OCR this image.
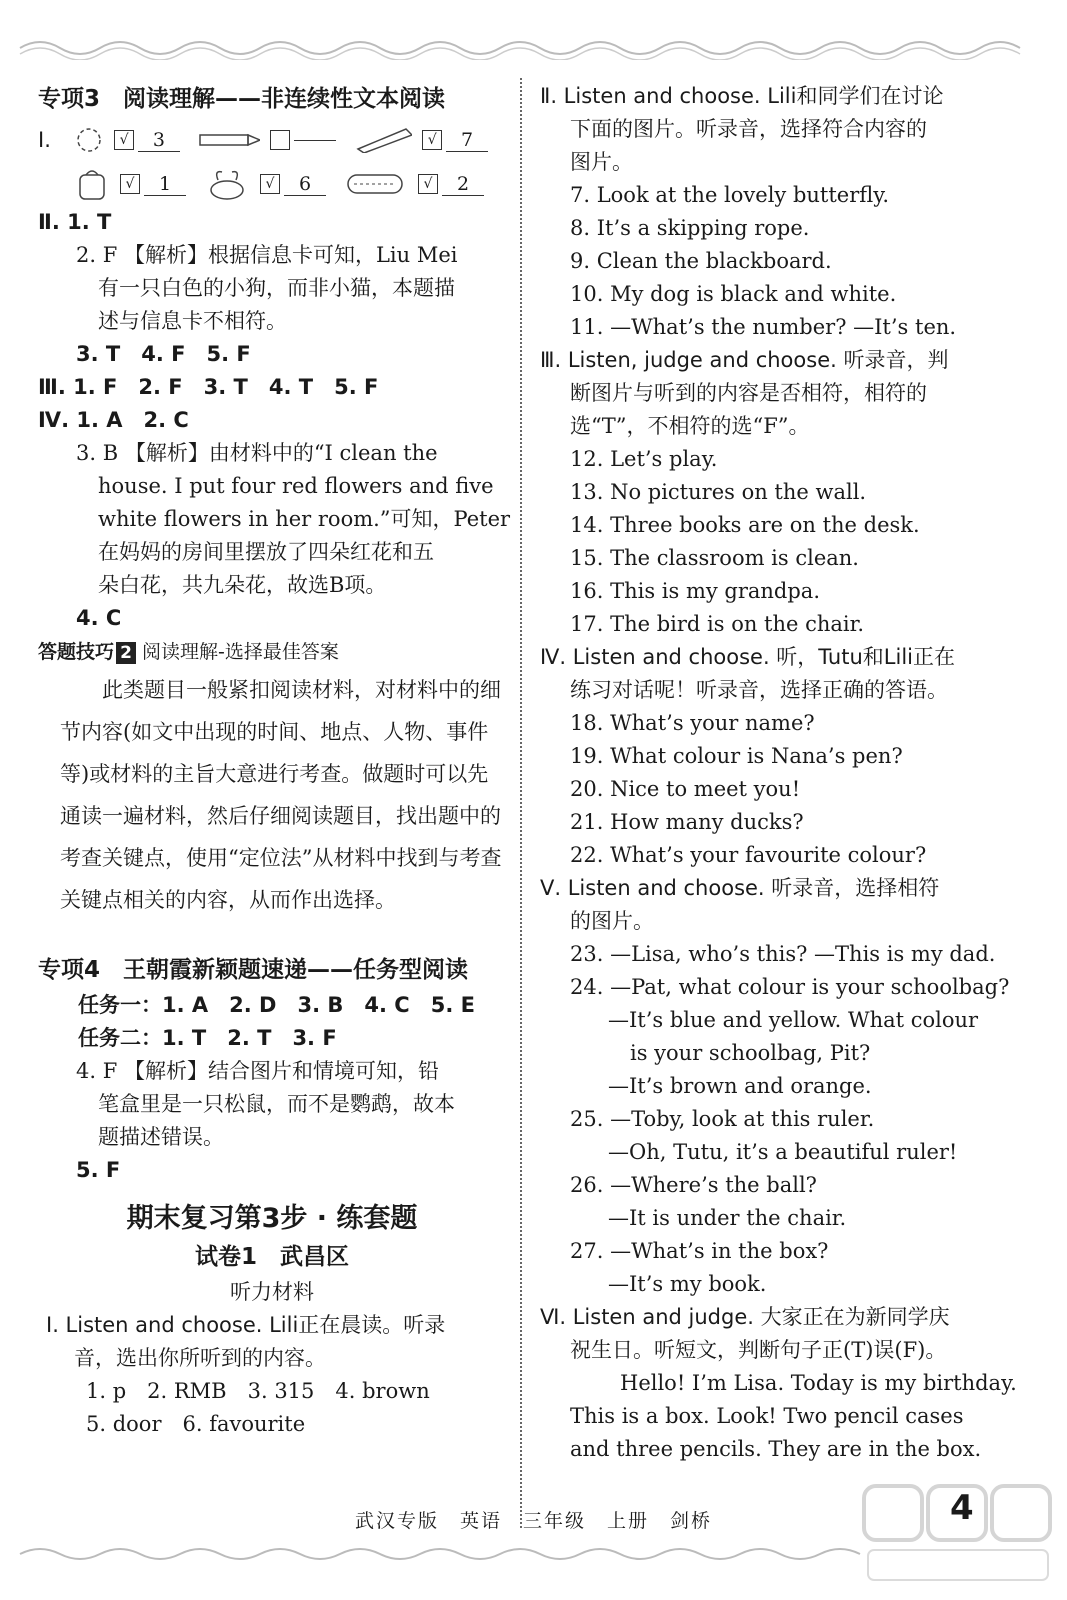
专项3　阅读理解——非连续性文本阅读
Ⅰ.	√	3	√	7
√	1	√	6	√	2
Ⅱ. 1. T
2. F 【解析】根据信息卡可知，Liu Mei
有一只白色的小狗，而非小猫，本题描
述与信息卡不相符。
3. T　4. F　5. F
Ⅲ. 1. F　2. F　3. T　4. T　5. F
Ⅳ. 1. A　2. C
3. B 【解析】由材料中的“I clean the
house. I put four red flowers and five
white flowers in her room.”可知，Peter
在妈妈的房间里摆放了四朵红花和五
朵白花，共九朵花，故选B项。
4. C
答题技巧 2 阅读理解-选择最佳答案
此类题目一般紧扣阅读材料，对材料中的细节内容(如文中出现的时间、地点、人物、事件等)或材料的主旨大意进行考查。做题时可以先通读一遍材料，然后仔细阅读题目，找出题中的考查关键点，使用“定位法”从材料中找到与考查关键点相关的内容，从而作出选择。
专项4　王朝霞新颖题速递——任务型阅读
任务一：1. A　2. D　3. B　4. C　5. E
任务二：1. T　2. T　3. F
4. F 【解析】结合图片和情境可知，铅
笔盒里是一只松鼠，而不是鹦鹉，故本
题描述错误。
5. F
期末复习第3步 · 练套题
试卷1　武昌区
听力材料
Ⅰ. Listen and choose. Lili正在晨读。听录
音，选出你所听到的内容。
1. p　2. RMB　3. 315　4. brown
5. door　6. favourite
Ⅱ. Listen and choose. Lili和同学们在讨论
下面的图片。听录音，选择符合内容的
图片。
7. Look at the lovely butterfly.
8. It’s a skipping rope.
9. Clean the blackboard.
10. My dog is black and white.
11. —What’s the number? —It’s ten.
Ⅲ. Listen, judge and choose. 听录音，判
断图片与听到的内容是否相符，相符的
选“T”，不相符的选“F”。
12. Let’s play.
13. No pictures on the wall.
14. Three books are on the desk.
15. The classroom is clean.
16. This is my grandpa.
17. The bird is on the chair.
Ⅳ. Listen and choose. 听，Tutu和Lili正在
练习对话呢！听录音，选择正确的答语。
18. What’s your name?
19. What colour is Nana’s pen?
20. Nice to meet you!
21. How many ducks?
22. What’s your favourite colour?
Ⅴ. Listen and choose. 听录音，选择相符
的图片。
23. —Lisa, who’s this? —This is my dad.
24. —Pat, what colour is your schoolbag?
—It’s blue and yellow. What colour
is your schoolbag, Pit?
—It’s brown and orange.
25. —Toby, look at this ruler.
—Oh, Tutu, it’s a beautiful ruler!
26. —Where’s the ball?
—It is under the chair.
27. —What’s in the box?
—It’s my book.
Ⅵ. Listen and judge. 大家正在为新同学庆
祝生日。听短文，判断句子正(T)误(F)。
Hello! I’m Lisa. Today is my birthday.
This is a box. Look! Two pencil cases
and three pencils. They are in the box.
武汉专版　英语　三年级　上册　剑桥	4
